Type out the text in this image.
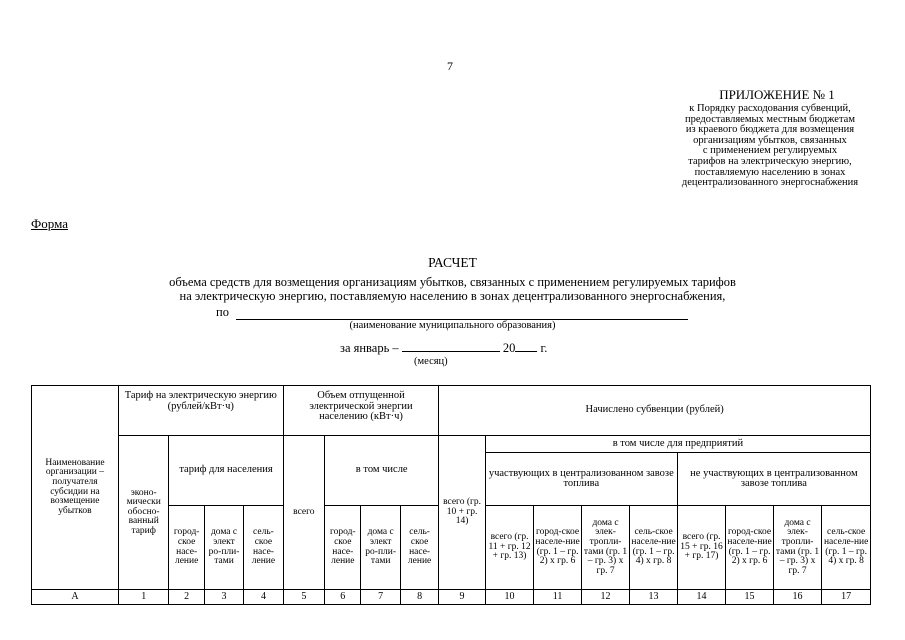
7
ПРИЛОЖЕНИЕ № 1
к Порядку расходования субвенций,
предоставляемых местным бюджетам
из краевого бюджета для возмещения
организациям убытков, связанных
с применением регулируемых
тарифов на электрическую энергию,
поставляемую населению в зонах
децентрализованного энергоснабжения
Форма
РАСЧЕТ
объема средств для возмещения организациям убытков, связанных с применением регулируемых тарифов
на электрическую энергию, поставляемую населению в зонах децентрализованного энергоснабжения,
по
(наименование муниципального образования)
за январь –	20 г.
(месяц)
Наименование организации – получателя субсидии на возмещение убытков	Тариф на электрическую энергию (рублей/кВт·ч)				Объем отпущенной электрической энергии населению (кВт·ч)				Начислено субвенции (рублей)								
	эконо-мически обосно-ванный тариф	тариф для населения			всего	в том числе			всего (гр. 10 + гр. 14)	в том числе для предприятий							
										участвующих в централизованном завозе топлива				не участвующих в централизованном завозе топлива			
		город-ское насе-ление	дома с элект ро-пли-тами	сель-ское насе-ление		город-ское насе-ление	дома с элект ро-пли-тами	сель-ское насе-ление		всего (гр. 11 + гр. 12 + гр. 13)	город-ское населе-ние (гр. 1 – гр. 2) х гр. 6	дома с элек-тропли-тами (гр. 1 – гр. 3) х гр. 7	сель-ское населе-ние (гр. 1 – гр. 4) х гр. 8	всего (гр. 15 + гр. 16 + гр. 17)	город-ское населе-ние (гр. 1 – гр. 2) х гр. 6	дома с элек-тропли-тами (гр. 1 – гр. 3) х гр. 7	сель-ское населе-ние (гр. 1 – гр. 4) х гр. 8
А	1	2	3	4	5	6	7	8	9	10	11	12	13	14	15	16	17
